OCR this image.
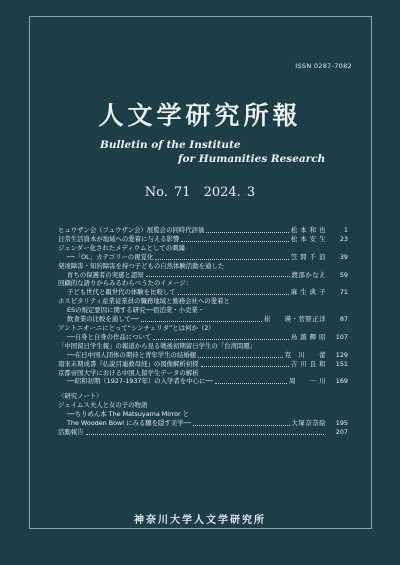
ISSN 0287-7082
人文学研究所報
Bulletin of the Institute
for Humanities Research
No. 71　2024. 3
ヒュウザン会（フュウザン会）展覧会の同時代評価	松 本 和 也	1
日常生活資本が地域への愛着に与える影響	松 本 安 生	23
ジェンダー化されたメディウムとしての刺繍
──「OL」カテゴリーの視覚化	笠 間 千 浪	39
発達障害・知的障害を持つ子どもの自然体験活動を通した
育ちの保護者の実感と認知	渡部かなえ	59
回顧的な語りからみるわらべうたのイメージ：
子ども世代と親世代の体験を比較して	麻 生 典 子	71
ホスピタリティ産業従業員の職務地域と勤務会社への愛着と
ESの規定要因に関する研究──宿泊業・小売業・
飲食業の比較を通して──	崔　　瑛・菅野正洋	87
アントニオーニにとって“シンチェリタ”とは何か（2）
──自身と自身の作品について	鳥 越 輝 昭	107
「中国留日学生報」の報道から見る戦後初期留日学生の「台湾問題」
──在日中国人団体の期待と青年学生の結婚観	克　川　　蕾	129
南宋末期成書『仏説目連救母経』の図像解析初探	吉 川 良 和	151
京都帝国大学における中国人留学生データの解析
──昭和初期（1927-1937年）の入学者を中心に──	周　　一 川	169
〈研究ノート〉
ジェイムス夫人と女の子の物語
──ちりめん本 The Matsuyama Mirror と
The Wooden Bowl にみる願を隠す美学──	大塚奈奈絵	195
活動報告	207
神奈川大学人文学研究所
